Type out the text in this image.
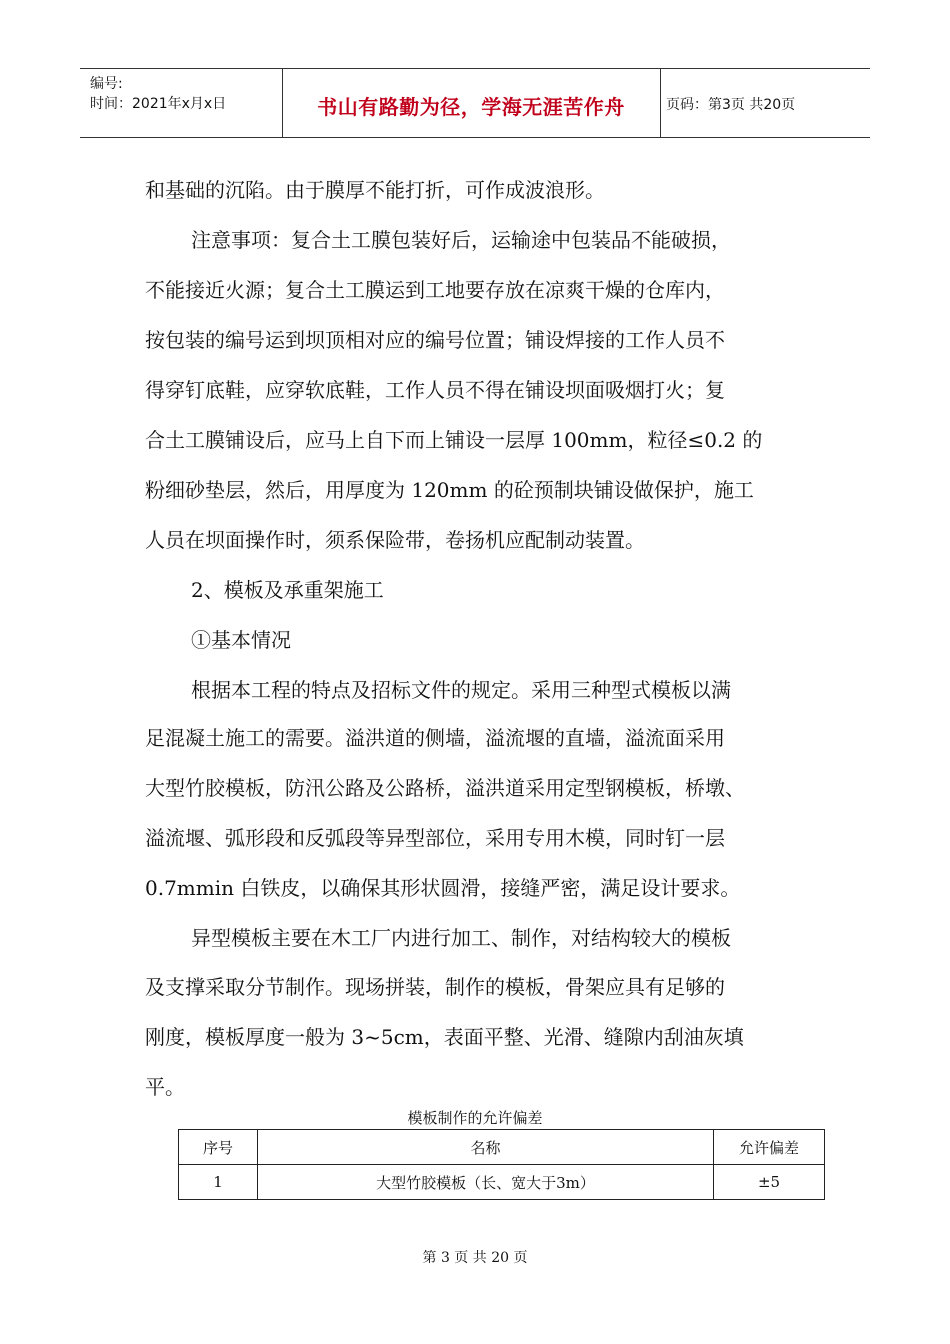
编号:
时间：2021年x月x日	书山有路勤为径，学海无涯苦作舟	页码：第3页 共20页
和基础的沉陷。由于膜厚不能打折，可作成波浪形。
注意事项：复合土工膜包装好后，运输途中包装品不能破损，
不能接近火源；复合土工膜运到工地要存放在凉爽干燥的仓库内，
按包装的编号运到坝顶相对应的编号位置；铺设焊接的工作人员不
得穿钉底鞋，应穿软底鞋，工作人员不得在铺设坝面吸烟打火；复
合土工膜铺设后，应马上自下而上铺设一层厚 100mm，粒径≤0.2 的
粉细砂垫层，然后，用厚度为 120mm 的砼预制块铺设做保护，施工
人员在坝面操作时，须系保险带，卷扬机应配制动装置。
2、模板及承重架施工
①基本情况
根据本工程的特点及招标文件的规定。采用三种型式模板以满
足混凝土施工的需要。溢洪道的侧墙，溢流堰的直墙，溢流面采用
大型竹胶模板，防汛公路及公路桥，溢洪道采用定型钢模板，桥墩、
溢流堰、弧形段和反弧段等异型部位，采用专用木模，同时钉一层
0.7mmin 白铁皮，以确保其形状圆滑，接缝严密，满足设计要求。
异型模板主要在木工厂内进行加工、制作，对结构较大的模板
及支撑采取分节制作。现场拼装，制作的模板，骨架应具有足够的
刚度，模板厚度一般为 3~5cm，表面平整、光滑、缝隙内刮油灰填
平。
模板制作的允许偏差
序号	名称	允许偏差
1	大型竹胶模板（长、宽大于3m）	±5
第 3 页 共 20 页
